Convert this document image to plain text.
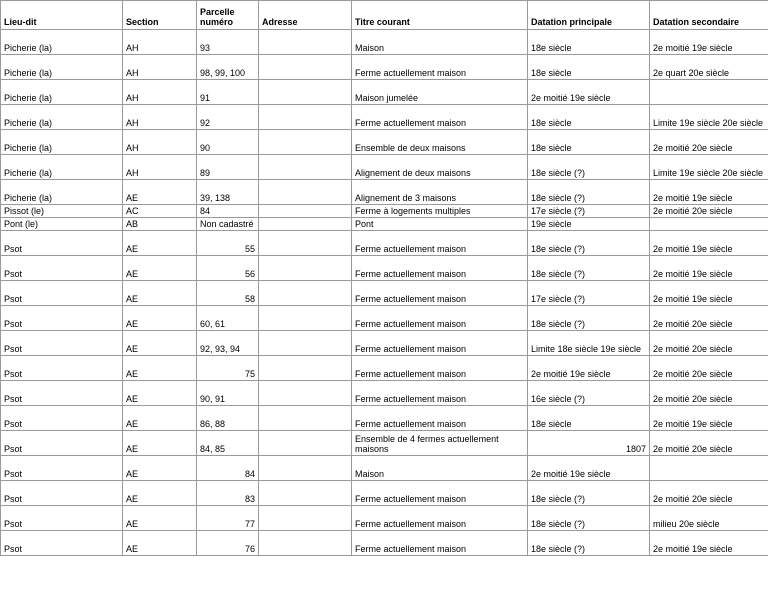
Lieu-dit	Section	Parcelle numéro	Adresse	Titre courant	Datation principale	Datation secondaire
Picherie (la)	AH	93		Maison	18e siècle	2e moitié 19e siècle
Picherie (la)	AH	98, 99, 100		Ferme actuellement maison	18e siècle	2e quart 20e siècle
Picherie (la)	AH	91		Maison jumelée	2e moitié 19e siècle	
Picherie (la)	AH	92		Ferme actuellement maison	18e siècle	Limite 19e siècle 20e siècle
Picherie (la)	AH	90		Ensemble de deux maisons	18e siècle	2e moitié 20e siècle
Picherie (la)	AH	89		Alignement de deux maisons	18e siècle (?)	Limite 19e siècle 20e siècle
Picherie (la)	AE	39, 138		Alignement de 3 maisons	18e siècle (?)	2e moitié 19e siècle
Pissot (le)	AC	84		Ferme à logements multiples	17e siècle (?)	2e moitié 20e siècle
Pont (le)	AB	Non cadastré		Pont	19e siècle	
Psot	AE	55		Ferme actuellement maison	18e siècle (?)	2e moitié 19e siècle
Psot	AE	56		Ferme actuellement maison	18e siècle (?)	2e moitié 19e siècle
Psot	AE	58		Ferme actuellement maison	17e siècle (?)	2e moitié 19e siècle
Psot	AE	60, 61		Ferme actuellement maison	18e siècle (?)	2e moitié 20e siècle
Psot	AE	92, 93, 94		Ferme actuellement maison	Limite 18e siècle 19e siècle	2e moitié 20e siècle
Psot	AE	75		Ferme actuellement maison	2e moitié 19e siècle	2e moitié 20e siècle
Psot	AE	90, 91		Ferme actuellement maison	16e siècle (?)	2e moitié 20e siècle
Psot	AE	86, 88		Ferme actuellement maison	18e siècle	2e moitié 19e siècle
Psot	AE	84, 85		Ensemble de 4 fermes actuellement maisons	1807	2e moitié 20e siècle
Psot	AE	84		Maison	2e moitié 19e siècle	
Psot	AE	83		Ferme actuellement maison	18e siècle (?)	2e moitié 20e siècle
Psot	AE	77		Ferme actuellement maison	18e siècle (?)	milieu 20e siècle
Psot	AE	76		Ferme actuellement maison	18e siècle (?)	2e moitié 19e siècle
